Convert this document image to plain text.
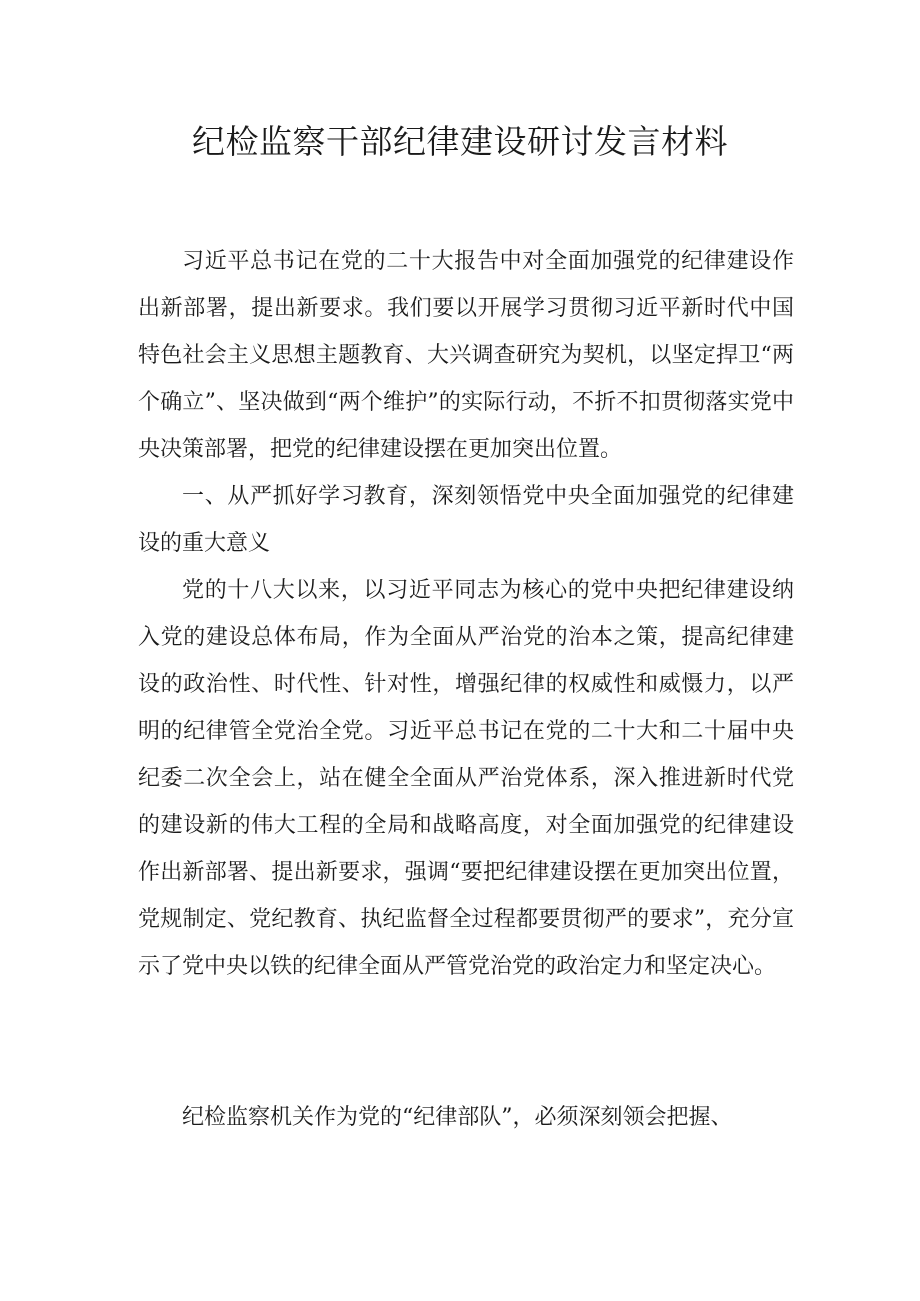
纪检监察干部纪律建设研讨发言材料

习近平总书记在党的二十大报告中对全面加强党的纪律建设作出新部署，提出新要求。我们要以开展学习贯彻习近平新时代中国特色社会主义思想主题教育、大兴调查研究为契机，以坚定捍卫“两个确立”、坚决做到“两个维护”的实际行动，不折不扣贯彻落实党中央决策部署，把党的纪律建设摆在更加突出位置。

一、从严抓好学习教育，深刻领悟党中央全面加强党的纪律建设的重大意义

党的十八大以来，以习近平同志为核心的党中央把纪律建设纳入党的建设总体布局，作为全面从严治党的治本之策，提高纪律建设的政治性、时代性、针对性，增强纪律的权威性和威慑力，以严明的纪律管全党治全党。习近平总书记在党的二十大和二十届中央纪委二次全会上，站在健全全面从严治党体系，深入推进新时代党的建设新的伟大工程的全局和战略高度，对全面加强党的纪律建设作出新部署、提出新要求，强调“要把纪律建设摆在更加突出位置，党规制定、党纪教育、执纪监督全过程都要贯彻严的要求”，充分宣示了党中央以铁的纪律全面从严管党治党的政治定力和坚定决心。

纪检监察机关作为党的“纪律部队”，必须深刻领会把握、
